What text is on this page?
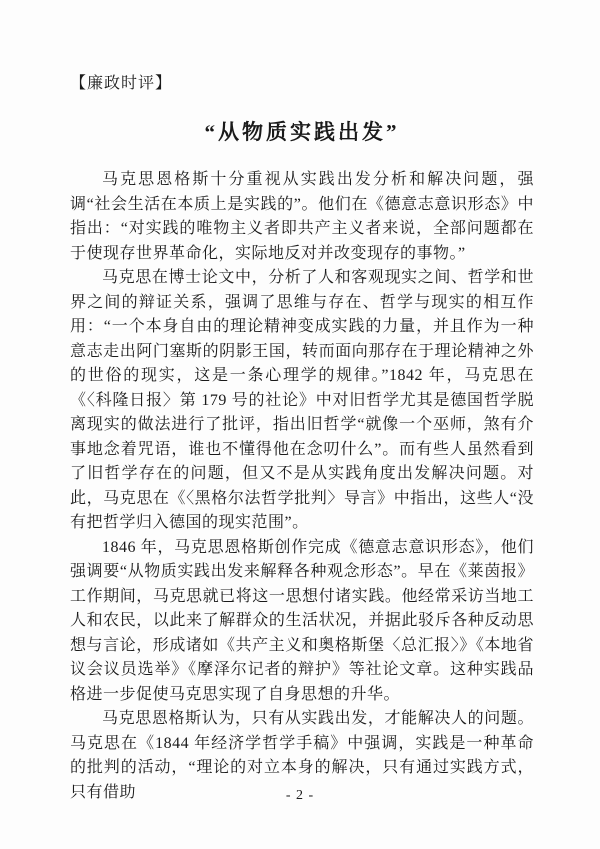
【廉政时评】
“从物质实践出发”

马克思恩格斯十分重视从实践出发分析和解决问题，强调“社会生活在本质上是实践的”。他们在《德意志意识形态》中指出：“对实践的唯物主义者即共产主义者来说，全部问题都在于使现存世界革命化，实际地反对并改变现存的事物。”

马克思在博士论文中，分析了人和客观现实之间、哲学和世界之间的辩证关系，强调了思维与存在、哲学与现实的相互作用：“一个本身自由的理论精神变成实践的力量，并且作为一种意志走出阿门塞斯的阴影王国，转而面向那存在于理论精神之外的世俗的现实，这是一条心理学的规律。”1842 年，马克思在《〈科隆日报〉第 179 号的社论》中对旧哲学尤其是德国哲学脱离现实的做法进行了批评，指出旧哲学“就像一个巫师，煞有介事地念着咒语，谁也不懂得他在念叨什么”。而有些人虽然看到了旧哲学存在的问题，但又不是从实践角度出发解决问题。对此，马克思在《〈黑格尔法哲学批判〉导言》中指出，这些人“没有把哲学归入德国的现实范围”。

1846 年，马克思恩格斯创作完成《德意志意识形态》，他们强调要“从物质实践出发来解释各种观念形态”。早在《莱茵报》工作期间，马克思就已将这一思想付诸实践。他经常采访当地工人和农民，以此来了解群众的生活状况，并据此驳斥各种反动思想与言论，形成诸如《共产主义和奥格斯堡〈总汇报〉》《本地省议会议员选举》《摩泽尔记者的辩护》等社论文章。这种实践品格进一步促使马克思实现了自身思想的升华。

马克思恩格斯认为，只有从实践出发，才能解决人的问题。马克思在《1844 年经济学哲学手稿》中强调，实践是一种革命的批判的活动，“理论的对立本身的解决，只有通过实践方式，只有借助	- 2 -
